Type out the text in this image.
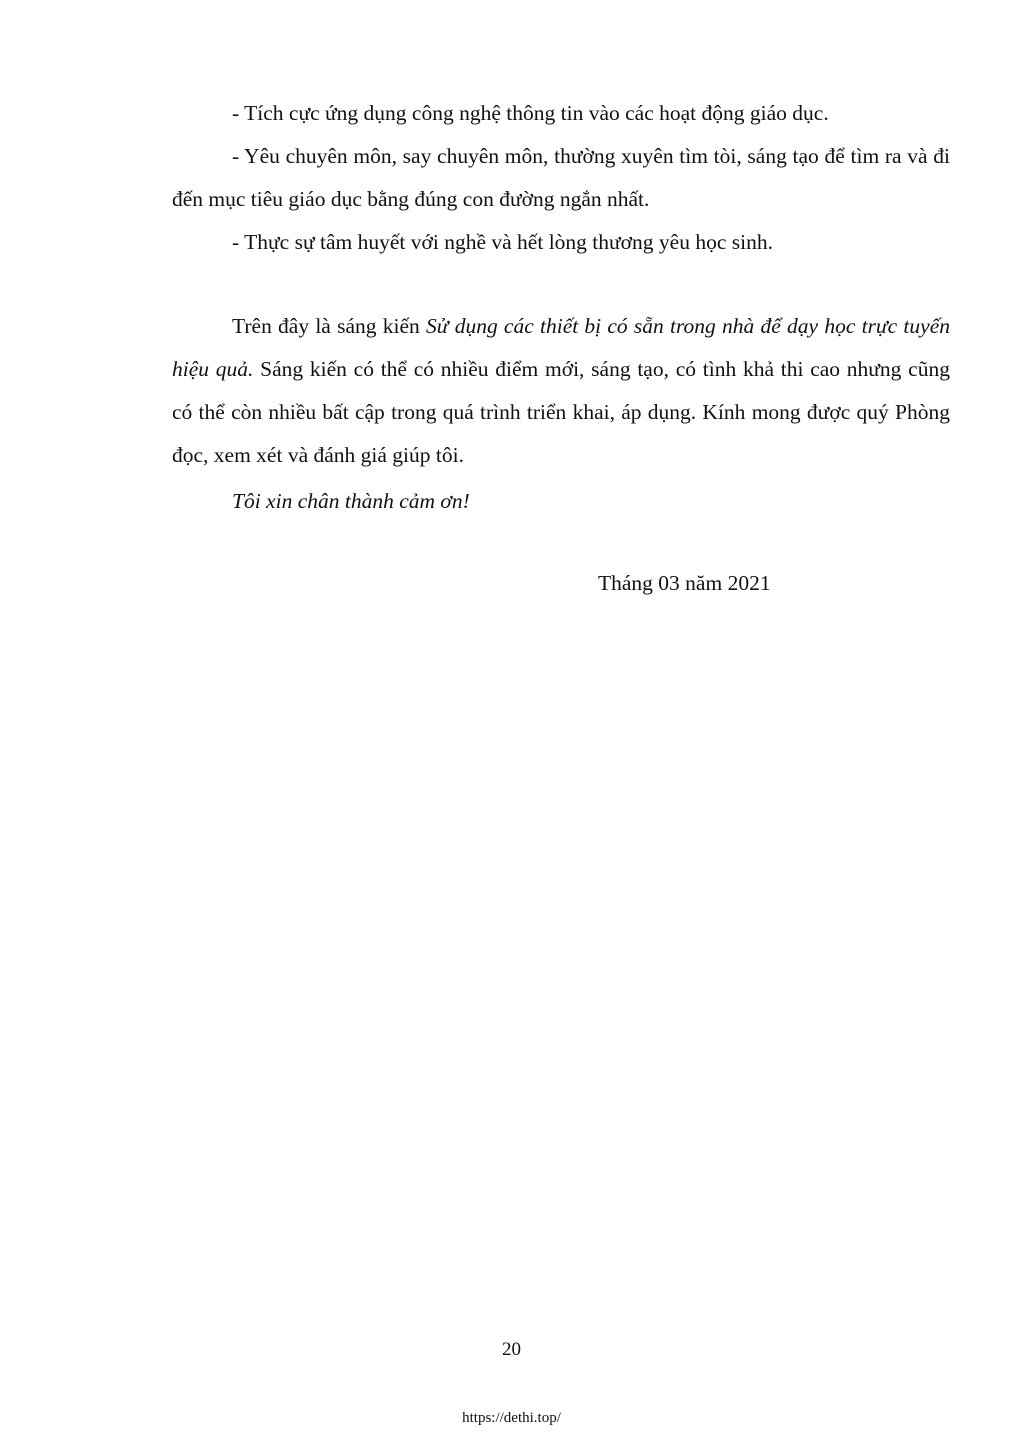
- Tích cực ứng dụng công nghệ thông tin vào các hoạt động giáo dục.

- Yêu chuyên môn, say chuyên môn, thường xuyên tìm tòi, sáng tạo để tìm ra và đi đến mục tiêu giáo dục bằng đúng con đường ngắn nhất.

- Thực sự tâm huyết với nghề và hết lòng thương yêu học sinh.

Trên đây là sáng kiến Sử dụng các thiết bị có sẵn trong nhà để dạy học trực tuyến hiệu quả. Sáng kiến có thể có nhiều điểm mới, sáng tạo, có tình khả thi cao nhưng cũng có thể còn nhiều bất cập trong quá trình triển khai, áp dụng. Kính mong được quý Phòng đọc, xem xét và đánh giá giúp tôi.

Tôi xin chân thành cảm ơn!

Tháng 03 năm 2021
20
https://dethi.top/
